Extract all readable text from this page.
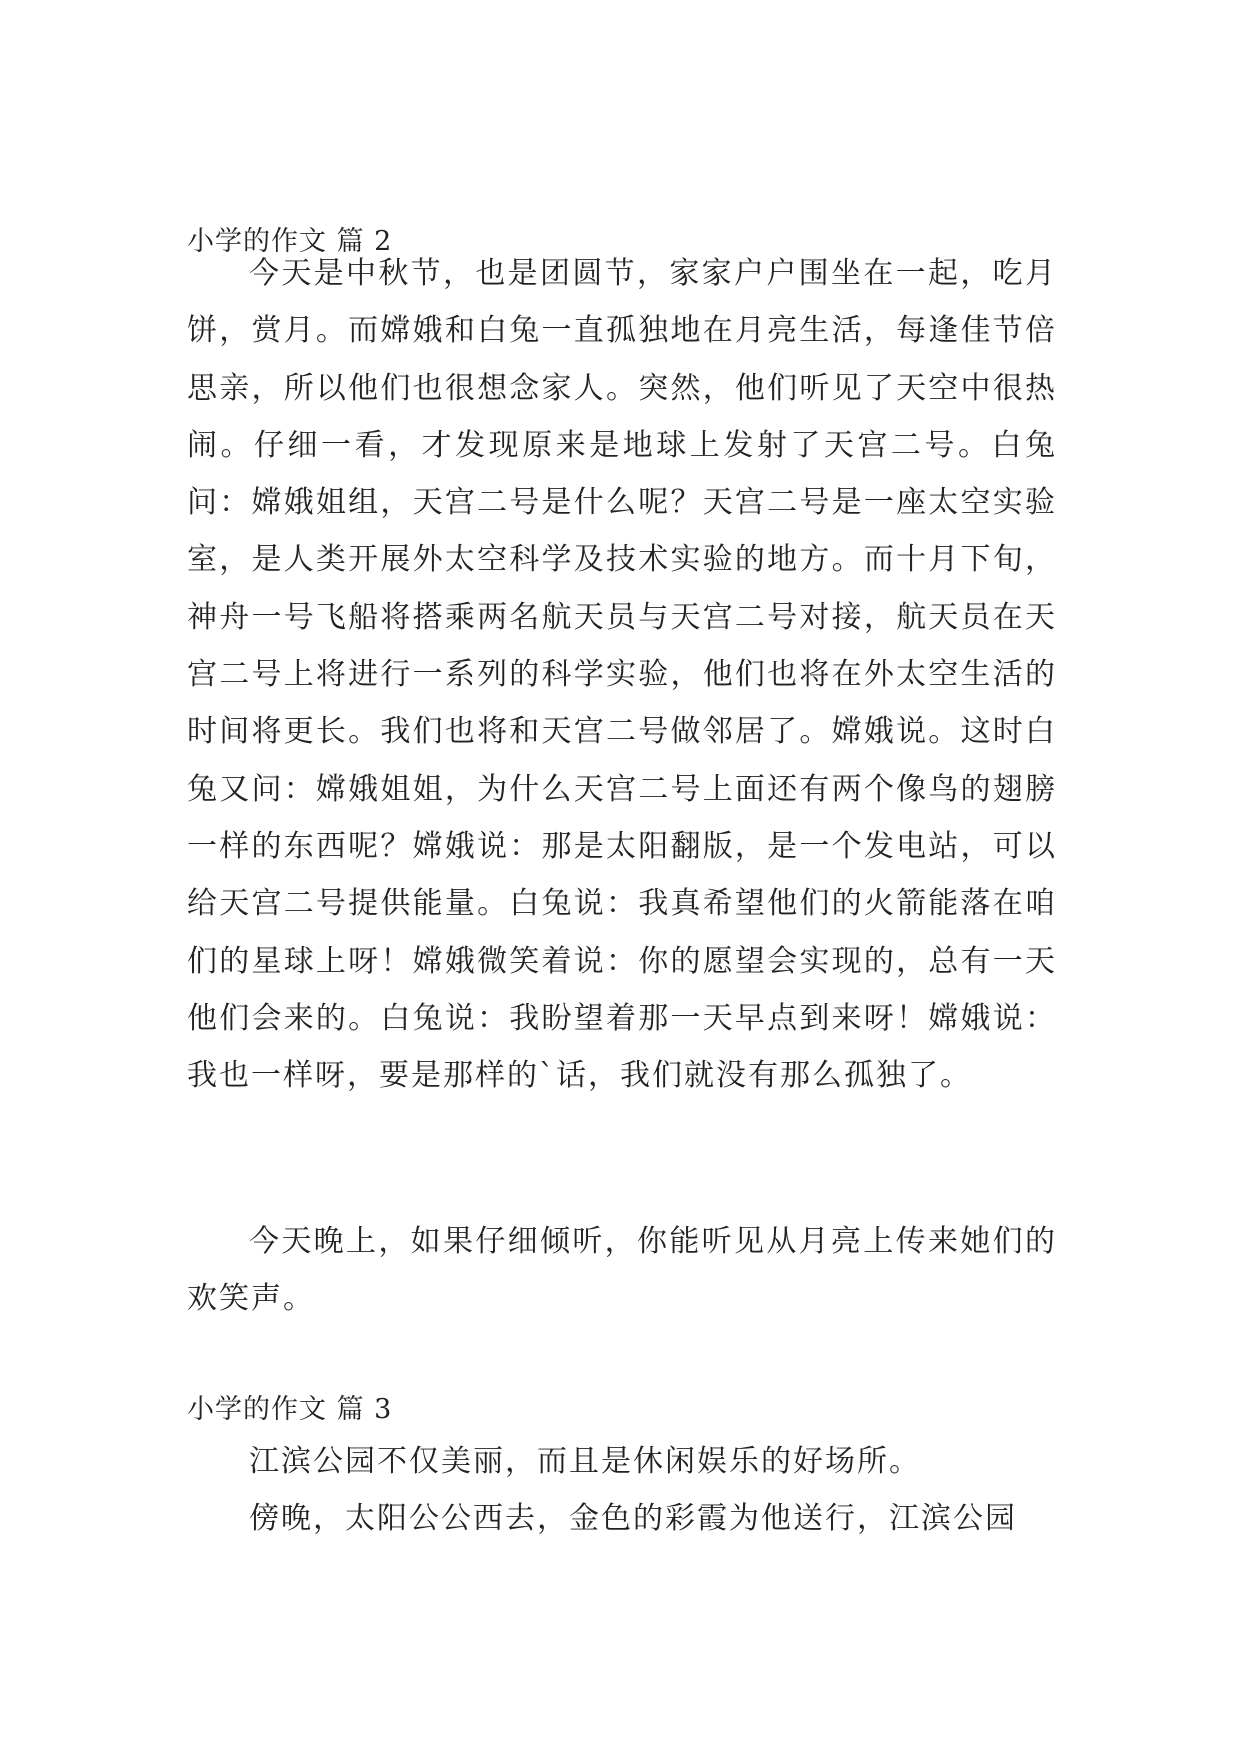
小学的作文 篇 2

今天是中秋节，也是团圆节，家家户户围坐在一起，吃月饼，赏月。而嫦娥和白兔一直孤独地在月亮生活，每逢佳节倍思亲，所以他们也很想念家人。突然，他们听见了天空中很热闹。仔细一看，才发现原来是地球上发射了天宫二号。白兔问：嫦娥姐组，天宫二号是什么呢？天宫二号是一座太空实验室，是人类开展外太空科学及技术实验的地方。而十月下旬，神舟一号飞船将搭乘两名航天员与天宫二号对接，航天员在天宫二号上将进行一系列的科学实验，他们也将在外太空生活的时间将更长。我们也将和天宫二号做邻居了。嫦娥说。这时白兔又问：嫦娥姐姐，为什么天宫二号上面还有两个像鸟的翅膀一样的东西呢？嫦娥说：那是太阳翻版，是一个发电站，可以给天宫二号提供能量。白兔说：我真希望他们的火箭能落在咱们的星球上呀！嫦娥微笑着说：你的愿望会实现的，总有一天他们会来的。白兔说：我盼望着那一天早点到来呀！嫦娥说：我也一样呀，要是那样的`话，我们就没有那么孤独了。

今天晚上，如果仔细倾听，你能听见从月亮上传来她们的欢笑声。

小学的作文 篇 3

江滨公园不仅美丽，而且是休闲娱乐的好场所。

傍晚，太阳公公西去，金色的彩霞为他送行，江滨公园
